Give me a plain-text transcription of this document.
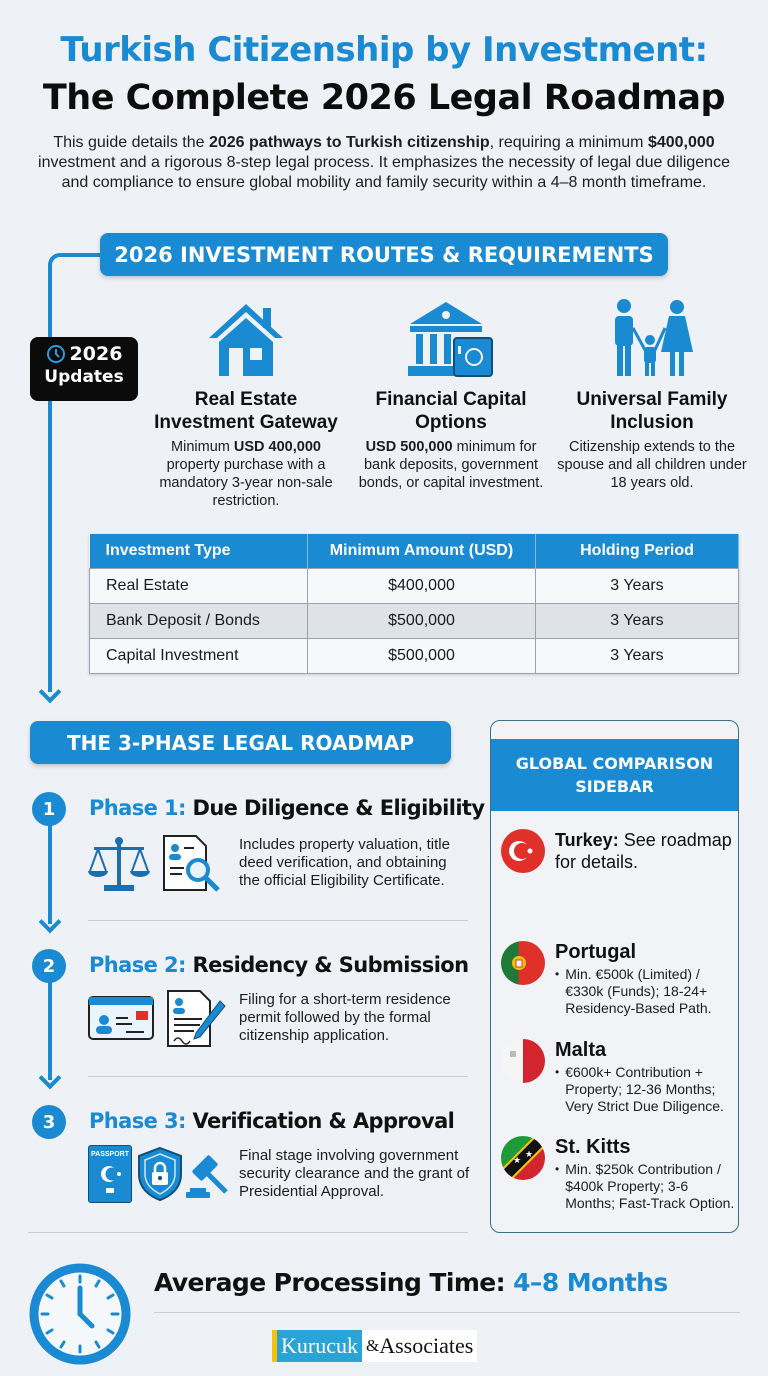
Turkish Citizenship by Investment:
The Complete 2026 Legal Roadmap
This guide details the 2026 pathways to Turkish citizenship, requiring a minimum $400,000 investment and a rigorous 8-step legal process. It emphasizes the necessity of legal due diligence and compliance to ensure global mobility and family security within a 4–8 month timeframe.
2026 INVESTMENT ROUTES & REQUIREMENTS
2026
Updates
Real Estate Investment Gateway
Minimum USD 400,000 property purchase with a mandatory 3-year non-sale restriction.
Financial Capital Options
USD 500,000 minimum for bank deposits, government bonds, or capital investment.
Universal Family Inclusion
Citizenship extends to the spouse and all children under 18 years old.
Investment Type	Minimum Amount (USD)	Holding Period
Real Estate	$400,000	3 Years
Bank Deposit / Bonds	$500,000	3 Years
Capital Investment	$500,000	3 Years
THE 3-PHASE LEGAL ROADMAP
1	Phase 1: Due Diligence & Eligibility
Includes property valuation, title deed verification, and obtaining the official Eligibility Certificate.
2	Phase 2: Residency & Submission
Filing for a short-term residence permit followed by the formal citizenship application.
3	Phase 3: Verification & Approval
PASSPORT	Final stage involving government security clearance and the grant of Presidential Approval.
GLOBAL COMPARISON SIDEBAR
Turkey: See roadmap for details.
Portugal
• Min. €500k (Limited) / €330k (Funds); 18-24+ Residency-Based Path.
Malta
• €600k+ Contribution + Property; 12-36 Months; Very Strict Due Diligence.
★
★ St. Kitts
• Min. $250k Contribution / $400k Property; 3-6 Months; Fast-Track Option.
Average Processing Time: 4–8 Months
Kurucuk & Associates
